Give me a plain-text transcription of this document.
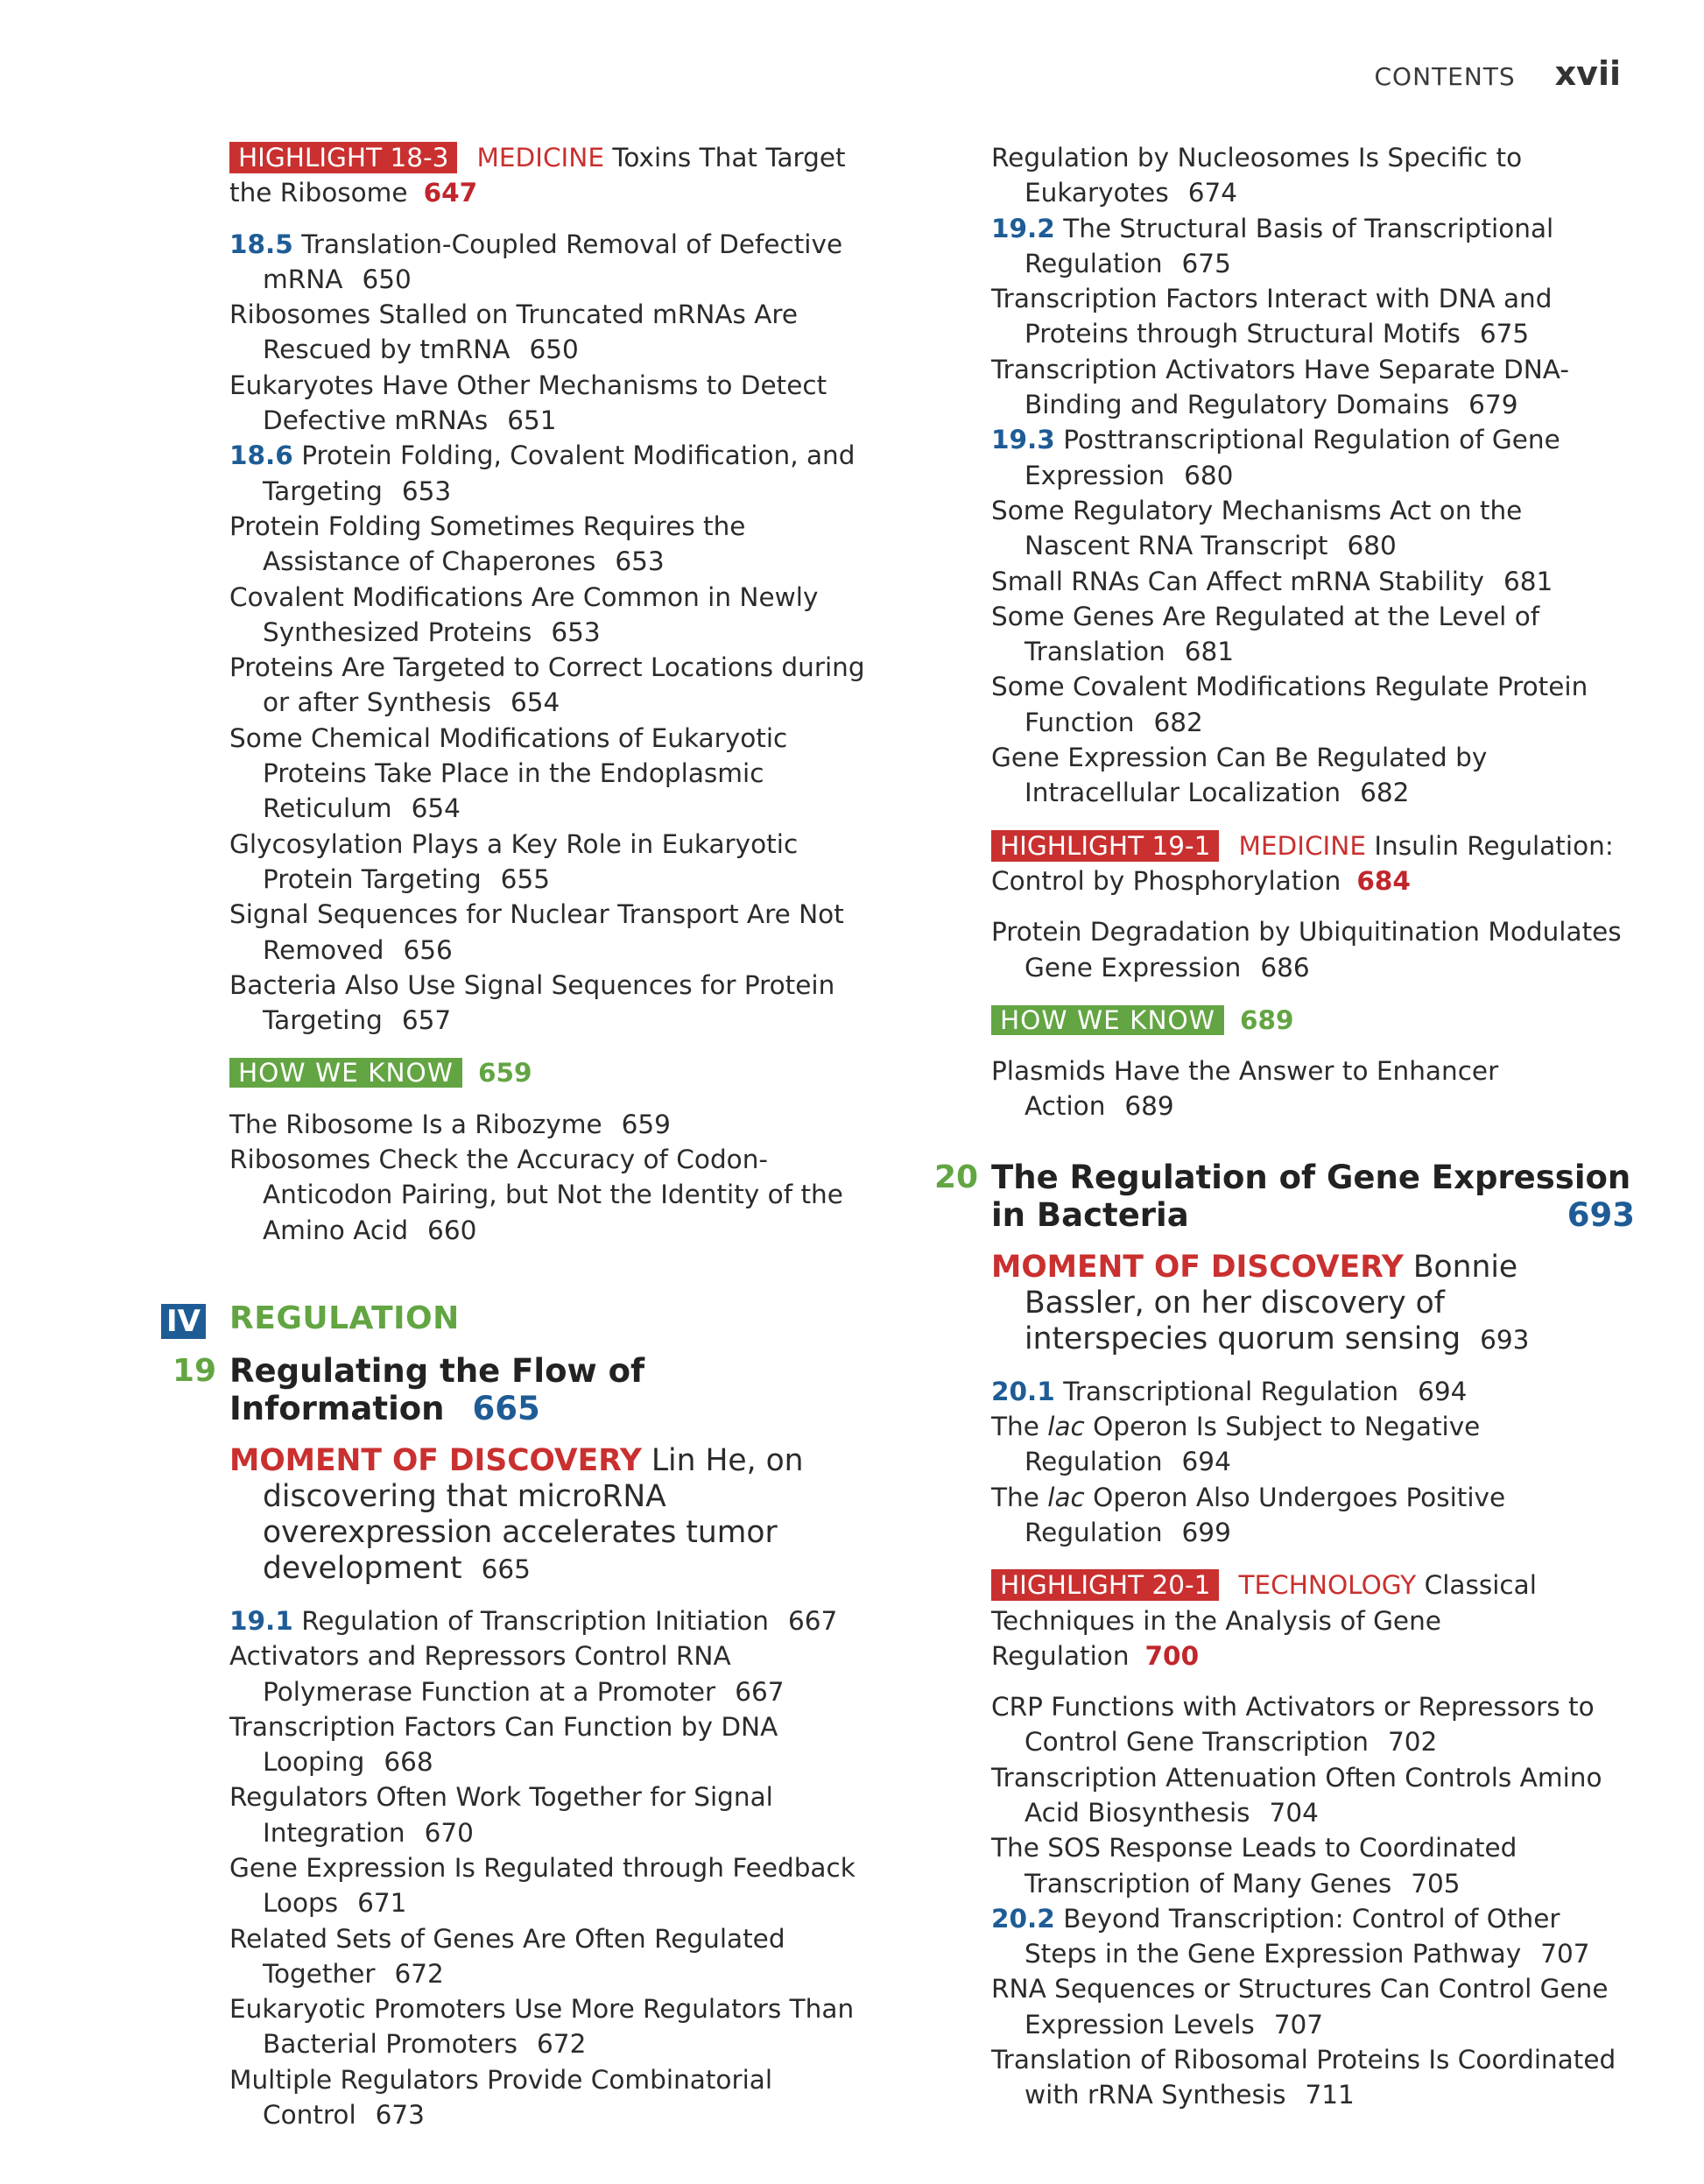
CONTENTS xvii
HIGHLIGHT 18-3 MEDICINE Toxins That Target the Ribosome 647
18.5 Translation-Coupled Removal of Defective mRNA 650
Ribosomes Stalled on Truncated mRNAs Are Rescued by tmRNA 650
Eukaryotes Have Other Mechanisms to Detect Defective mRNAs 651
18.6 Protein Folding, Covalent Modification, and Targeting 653
Protein Folding Sometimes Requires the Assistance of Chaperones 653
Covalent Modifications Are Common in Newly Synthesized Proteins 653
Proteins Are Targeted to Correct Locations during or after Synthesis 654
Some Chemical Modifications of Eukaryotic Proteins Take Place in the Endoplasmic Reticulum 654
Glycosylation Plays a Key Role in Eukaryotic Protein Targeting 655
Signal Sequences for Nuclear Transport Are Not Removed 656
Bacteria Also Use Signal Sequences for Protein Targeting 657
HOW WE KNOW 659
The Ribosome Is a Ribozyme 659
Ribosomes Check the Accuracy of Codon-Anticodon Pairing, but Not the Identity of the Amino Acid 660
IV REGULATION
19 Regulating the Flow of Information 665
MOMENT OF DISCOVERY Lin He, on discovering that microRNA overexpression accelerates tumor development 665
19.1 Regulation of Transcription Initiation 667
Activators and Repressors Control RNA Polymerase Function at a Promoter 667
Transcription Factors Can Function by DNA Looping 668
Regulators Often Work Together for Signal Integration 670
Gene Expression Is Regulated through Feedback Loops 671
Related Sets of Genes Are Often Regulated Together 672
Eukaryotic Promoters Use More Regulators Than Bacterial Promoters 672
Multiple Regulators Provide Combinatorial Control 673
Regulation by Nucleosomes Is Specific to Eukaryotes 674
19.2 The Structural Basis of Transcriptional Regulation 675
Transcription Factors Interact with DNA and Proteins through Structural Motifs 675
Transcription Activators Have Separate DNA-Binding and Regulatory Domains 679
19.3 Posttranscriptional Regulation of Gene Expression 680
Some Regulatory Mechanisms Act on the Nascent RNA Transcript 680
Small RNAs Can Affect mRNA Stability 681
Some Genes Are Regulated at the Level of Translation 681
Some Covalent Modifications Regulate Protein Function 682
Gene Expression Can Be Regulated by Intracellular Localization 682
HIGHLIGHT 19-1 MEDICINE Insulin Regulation: Control by Phosphorylation 684
Protein Degradation by Ubiquitination Modulates Gene Expression 686
HOW WE KNOW 689
Plasmids Have the Answer to Enhancer Action 689
20 The Regulation of Gene Expression
in Bacteria	693
MOMENT OF DISCOVERY Bonnie Bassler, on her discovery of interspecies quorum sensing 693
20.1 Transcriptional Regulation 694
The lac Operon Is Subject to Negative Regulation 694
The lac Operon Also Undergoes Positive Regulation 699
HIGHLIGHT 20-1 TECHNOLOGY Classical Techniques in the Analysis of Gene Regulation 700
CRP Functions with Activators or Repressors to Control Gene Transcription 702
Transcription Attenuation Often Controls Amino Acid Biosynthesis 704
The SOS Response Leads to Coordinated Transcription of Many Genes 705
20.2 Beyond Transcription: Control of Other Steps in the Gene Expression Pathway 707
RNA Sequences or Structures Can Control Gene Expression Levels 707
Translation of Ribosomal Proteins Is Coordinated with rRNA Synthesis 711
